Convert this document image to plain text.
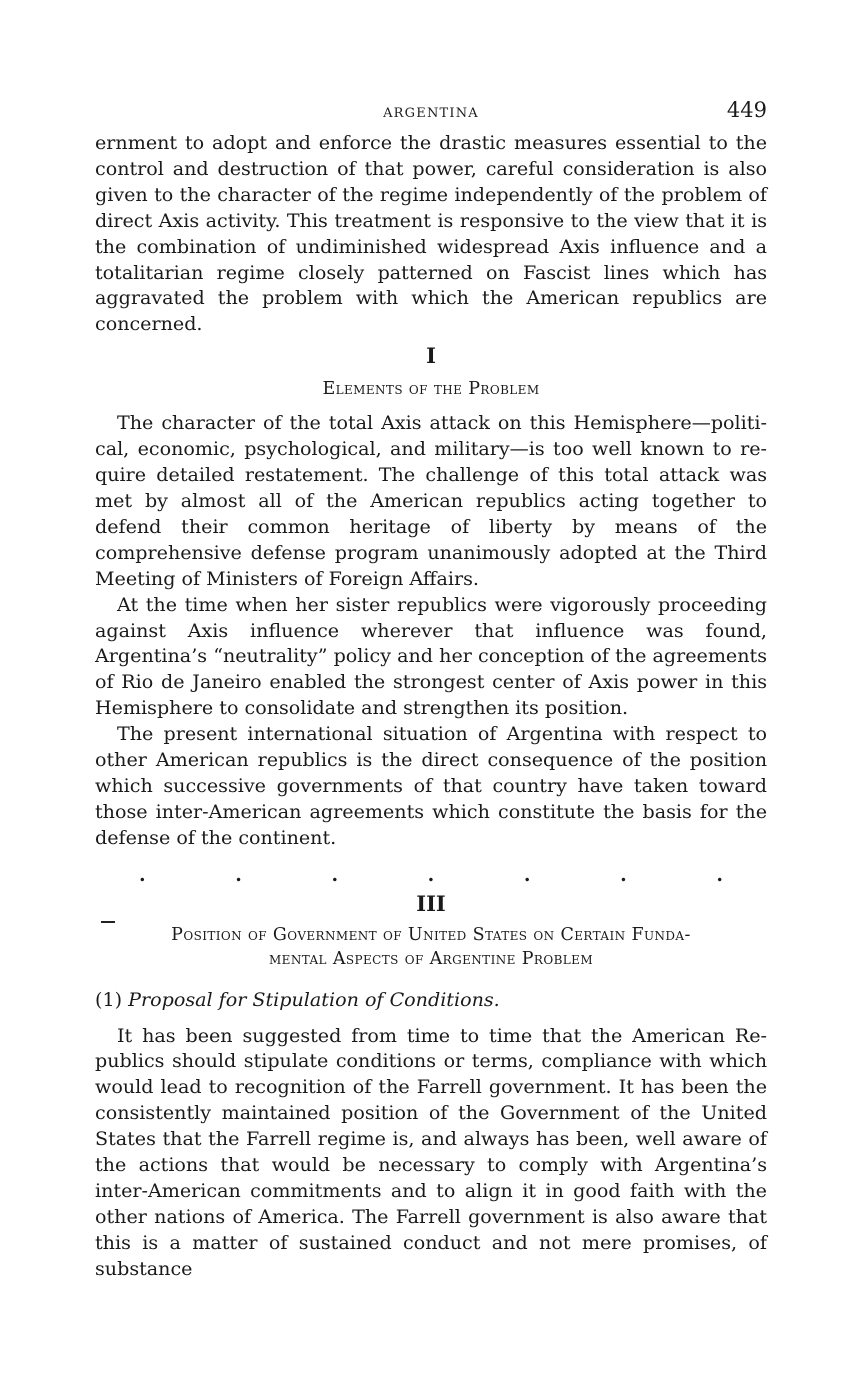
ARGENTINA	449

ernment to adopt and enforce the drastic measures essential to the control and destruction of that power, careful consideration is also given to the character of the regime independently of the problem of direct Axis activity. This treatment is responsive to the view that it is the combination of undiminished widespread Axis influence and a totalitarian regime closely patterned on Fascist lines which has aggravated the problem with which the American republics are concerned.

I
Elements of the Problem

The character of the total Axis attack on this Hemisphere—political, economic, psychological, and military—is too well known to require detailed restatement. The challenge of this total attack was met by almost all of the American republics acting together to defend their common heritage of liberty by means of the comprehensive defense program unanimously adopted at the Third Meeting of Ministers of Foreign Affairs.

At the time when her sister republics were vigorously proceeding against Axis influence wherever that influence was found, Argentina’s “neutrality” policy and her conception of the agreements of Rio de Janeiro enabled the strongest center of Axis power in this Hemisphere to consolidate and strengthen its position.

The present international situation of Argentina with respect to other American republics is the direct consequence of the position which successive governments of that country have taken toward those inter-American agreements which constitute the basis for the defense of the continent.

.	.	.	.	.	.	.
III
Position of Government of United States on Certain Funda-
mental Aspects of Argentine Problem
(1) Proposal for Stipulation of Conditions.

It has been suggested from time to time that the American Republics should stipulate conditions or terms, compliance with which would lead to recognition of the Farrell government. It has been the consistently maintained position of the Government of the United States that the Farrell regime is, and always has been, well aware of the actions that would be necessary to comply with Argentina’s inter-American commitments and to align it in good faith with the other nations of America. The Farrell government is also aware that this is a matter of sustained conduct and not mere promises, of substance
